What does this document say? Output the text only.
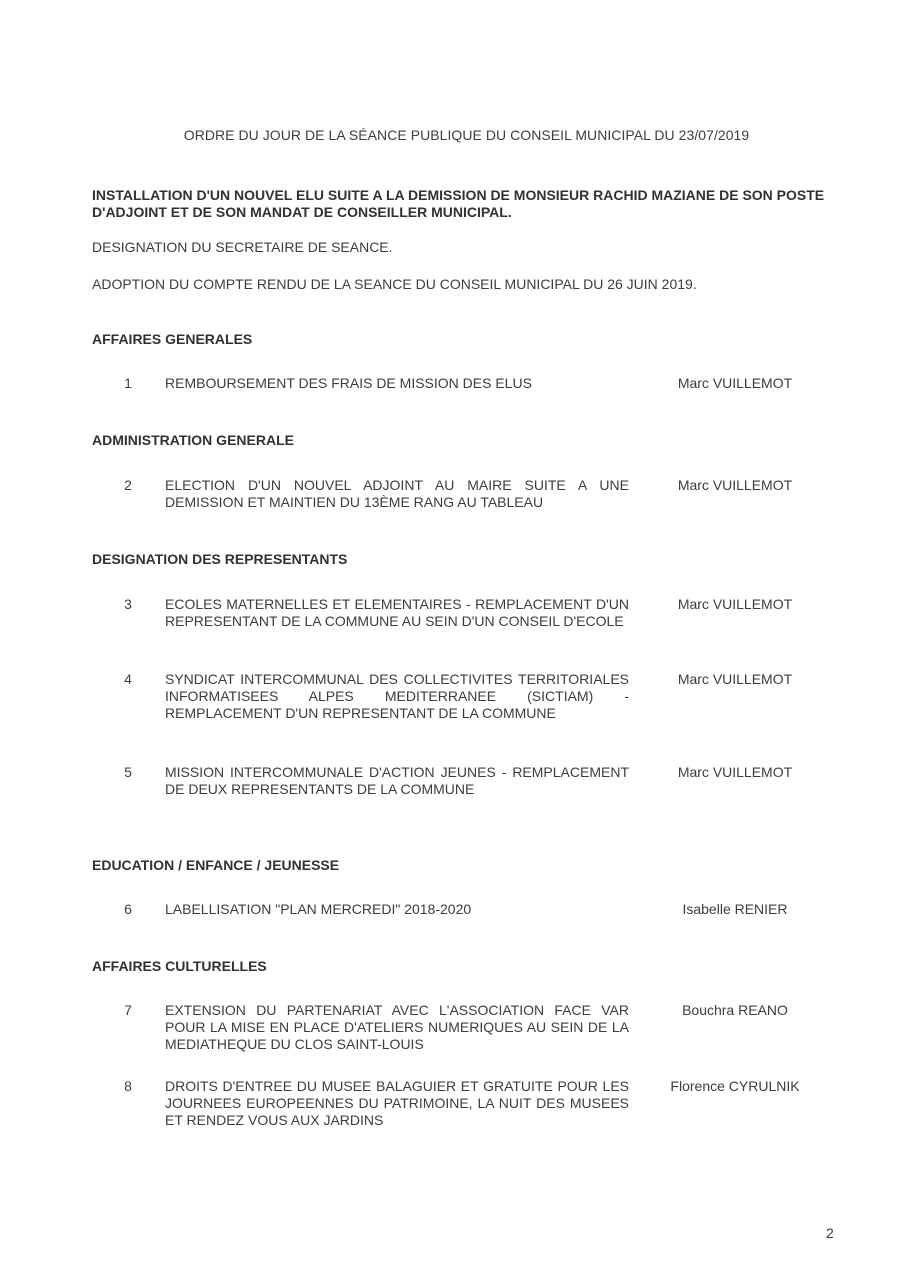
ORDRE DU JOUR DE LA SÉANCE PUBLIQUE DU CONSEIL MUNICIPAL DU 23/07/2019
INSTALLATION D'UN NOUVEL ELU SUITE A LA DEMISSION DE MONSIEUR RACHID MAZIANE DE SON POSTE D'ADJOINT ET DE SON MANDAT DE CONSEILLER MUNICIPAL.
DESIGNATION DU SECRETAIRE DE SEANCE.
ADOPTION DU COMPTE RENDU DE LA SEANCE DU CONSEIL MUNICIPAL DU 26 JUIN 2019.
AFFAIRES GENERALES
1 REMBOURSEMENT DES FRAIS DE MISSION DES ELUS	Marc VUILLEMOT
ADMINISTRATION GENERALE
2 ELECTION D'UN NOUVEL ADJOINT AU MAIRE SUITE A UNE DEMISSION ET MAINTIEN DU 13ÈME RANG AU TABLEAU
Marc VUILLEMOT
DESIGNATION DES REPRESENTANTS
3 ECOLES MATERNELLES ET ELEMENTAIRES - REMPLACEMENT D'UN REPRESENTANT DE LA COMMUNE AU SEIN D'UN CONSEIL D'ECOLE
Marc VUILLEMOT
4 SYNDICAT INTERCOMMUNAL DES COLLECTIVITES TERRITORIALES INFORMATISEES ALPES MEDITERRANEE (SICTIAM) - REMPLACEMENT D'UN REPRESENTANT DE LA COMMUNE
Marc VUILLEMOT
5 MISSION INTERCOMMUNALE D'ACTION JEUNES - REMPLACEMENT DE DEUX REPRESENTANTS DE LA COMMUNE
Marc VUILLEMOT
EDUCATION / ENFANCE / JEUNESSE
6 LABELLISATION "PLAN MERCREDI" 2018-2020	Isabelle RENIER
AFFAIRES CULTURELLES
7 EXTENSION DU PARTENARIAT AVEC L'ASSOCIATION FACE VAR POUR LA MISE EN PLACE D'ATELIERS NUMERIQUES AU SEIN DE LA MEDIATHEQUE DU CLOS SAINT-LOUIS
Bouchra REANO
8 DROITS D'ENTREE DU MUSEE BALAGUIER ET GRATUITE POUR LES JOURNEES EUROPEENNES DU PATRIMOINE, LA NUIT DES MUSEES ET RENDEZ VOUS AUX JARDINS
Florence CYRULNIK
2
